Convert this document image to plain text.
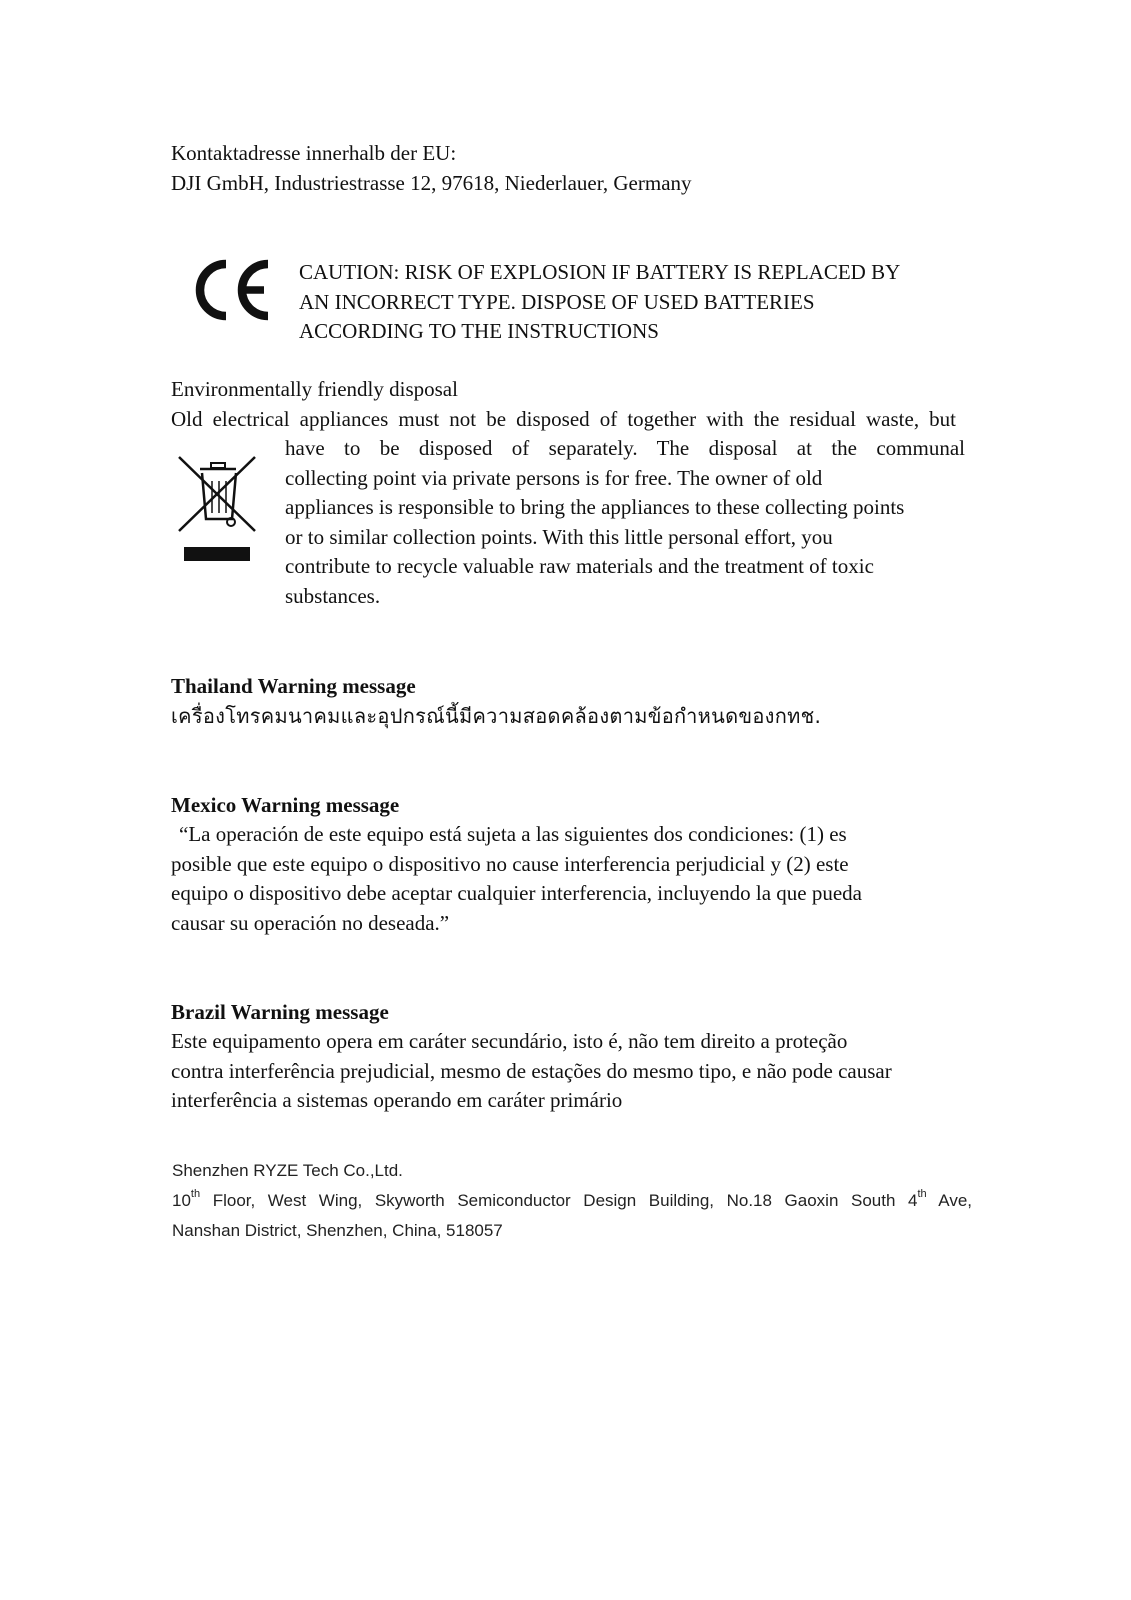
Kontaktadresse innerhalb der EU:
DJI GmbH, Industriestrasse 12, 97618, Niederlauer, Germany
CAUTION: RISK OF EXPLOSION IF BATTERY IS REPLACED BY
AN INCORRECT TYPE. DISPOSE OF USED BATTERIES
ACCORDING TO THE INSTRUCTIONS
Environmentally friendly disposal
Old electrical appliances must not be disposed of together with the residual waste, but
have to be disposed of separately. The disposal at the communal
collecting point via private persons is for free. The owner of old
appliances is responsible to bring the appliances to these collecting points
or to similar collection points. With this little personal effort, you
contribute to recycle valuable raw materials and the treatment of toxic
substances.
Thailand Warning message
เครื่องโทรคมนาคมและอุปกรณ์นี้มีความสอดคล้องตามข้อกำหนดของกทช.
Mexico Warning message
“La operación de este equipo está sujeta a las siguientes dos condiciones: (1) es
posible que este equipo o dispositivo no cause interferencia perjudicial y (2) este
equipo o dispositivo debe aceptar cualquier interferencia, incluyendo la que pueda
causar su operación no deseada.”
Brazil Warning message
Este equipamento opera em caráter secundário, isto é, não tem direito a proteção
contra interferência prejudicial, mesmo de estações do mesmo tipo, e não pode causar
interferência a sistemas operando em caráter primário
Shenzhen RYZE Tech Co.,Ltd.
10th Floor, West Wing, Skyworth Semiconductor Design Building, No.18 Gaoxin South 4th Ave,
Nanshan District, Shenzhen, China, 518057
